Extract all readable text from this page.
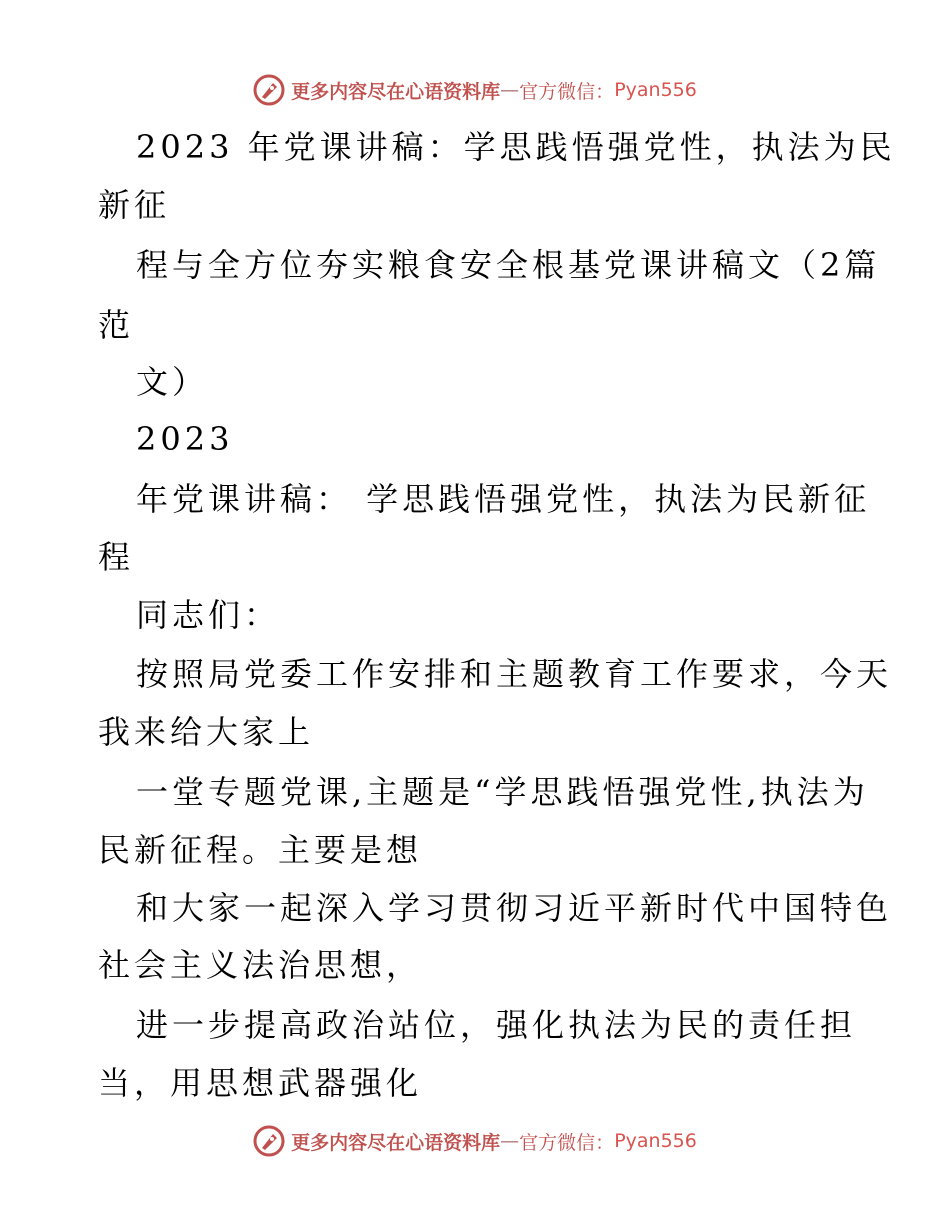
更多内容尽在心语资料库 — 官方微信： Pyan556
2023 年党课讲稿：学思践悟强党性，执法为民
新征
程与全方位夯实粮食安全根基党课讲稿文（2篇
范
文）
2023
年党课讲稿： 学思践悟强党性，执法为民新征
程
同志们：
按照局党委工作安排和主题教育工作要求，今天
我来给大家上
一堂专题党课,主题是“学思践悟强党性,执法为
民新征程。主要是想
和大家一起深入学习贯彻习近平新时代中国特色
社会主义法治思想，
进一步提高政治站位，强化执法为民的责任担
当，用思想武器强化
更多内容尽在心语资料库 — 官方微信： Pyan556
